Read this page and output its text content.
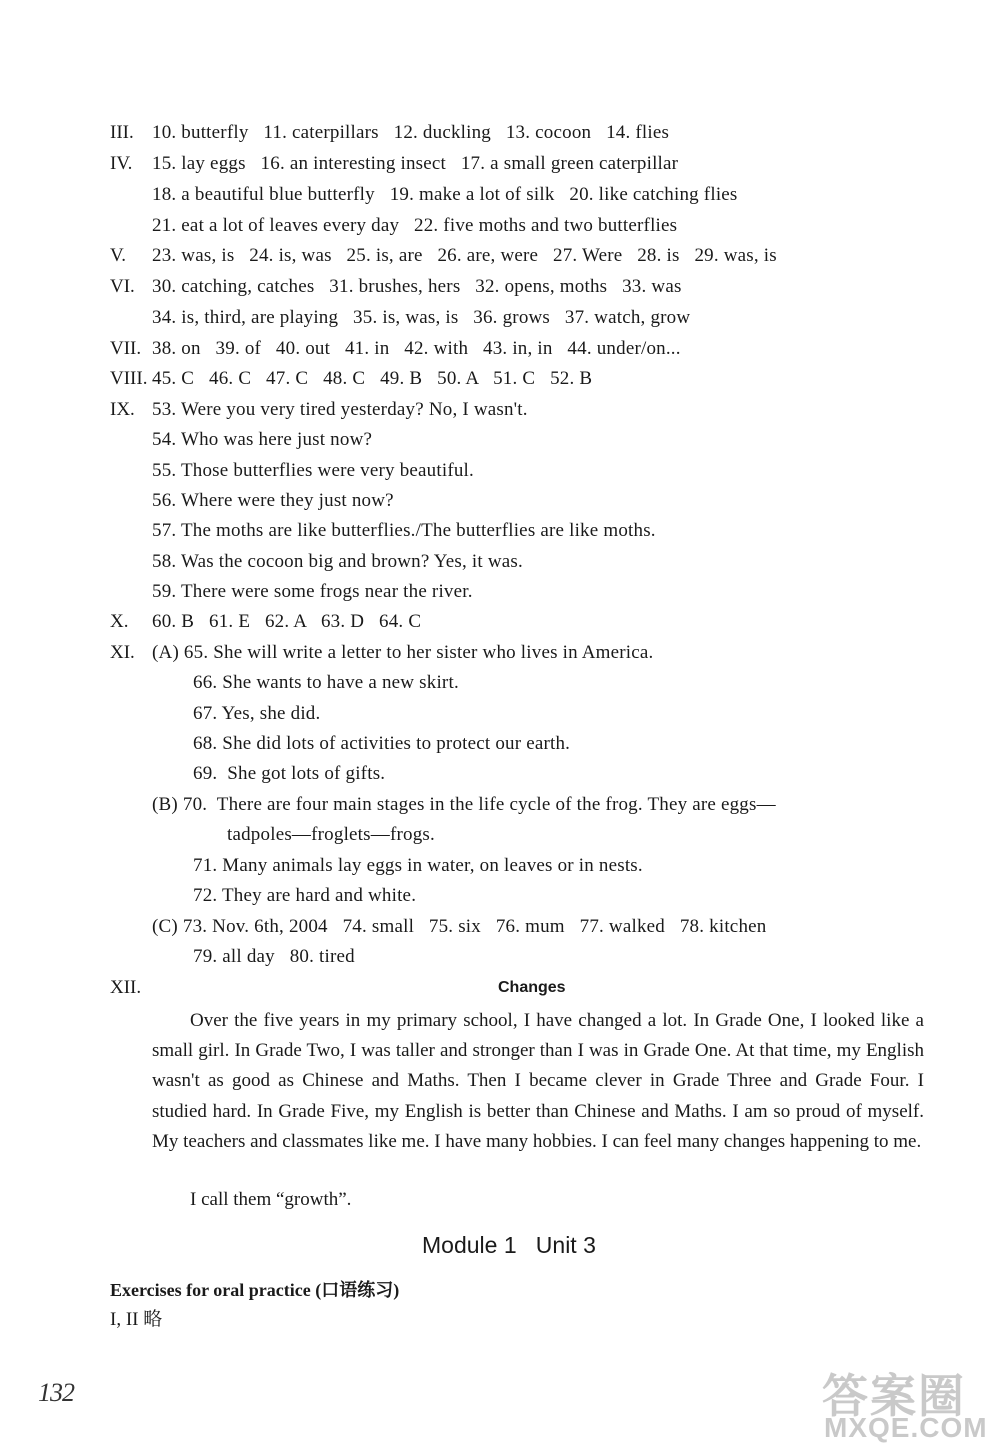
III. 10. butterfly   11. caterpillars   12. duckling   13. cocoon   14. flies
IV. 15. lay eggs   16. an interesting insect   17. a small green caterpillar
18. a beautiful blue butterfly   19. make a lot of silk   20. like catching flies
21. eat a lot of leaves every day   22. five moths and two butterflies
V. 23. was, is   24. is, was   25. is, are   26. are, were   27. Were   28. is   29. was, is
VI. 30. catching, catches   31. brushes, hers   32. opens, moths   33. was
34. is, third, are playing   35. is, was, is   36. grows   37. watch, grow
VII. 38. on   39. of   40. out   41. in   42. with   43. in, in   44. under/on...
VIII. 45. C   46. C   47. C   48. C   49. B   50. A   51. C   52. B
IX. 53. Were you very tired yesterday? No, I wasn't.
54. Who was here just now?
55. Those butterflies were very beautiful.
56. Where were they just now?
57. The moths are like butterflies./The butterflies are like moths.
58. Was the cocoon big and brown? Yes, it was.
59. There were some frogs near the river.
X. 60. B   61. E   62. A   63. D   64. C
XI. (A) 65. She will write a letter to her sister who lives in America.
66. She wants to have a new skirt.
67. Yes, she did.
68. She did lots of activities to protect our earth.
69.  She got lots of gifts.
(B) 70.  There are four main stages in the life cycle of the frog. They are eggs—
tadpoles—froglets—frogs.
71. Many animals lay eggs in water, on leaves or in nests.
72. They are hard and white.
(C) 73. Nov. 6th, 2004   74. small   75. six   76. mum   77. walked   78. kitchen
79. all day   80. tired
XII.	Changes
Over the five years in my primary school, I have changed a lot. In Grade One, I looked like a small girl. In Grade Two, I was taller and stronger than I was in Grade One. At that time, my English wasn't as good as Chinese and Maths. Then I became clever in Grade Three and Grade Four. I studied hard. In Grade Five, my English is better than Chinese and Maths. I am so proud of myself. My teachers and classmates like me. I have many hobbies. I can feel many changes happening to me.
I call them “growth”.
Module 1   Unit 3
Exercises for oral practice (口语练习)
I, II 略
132	答案圈
MXQE.COM
